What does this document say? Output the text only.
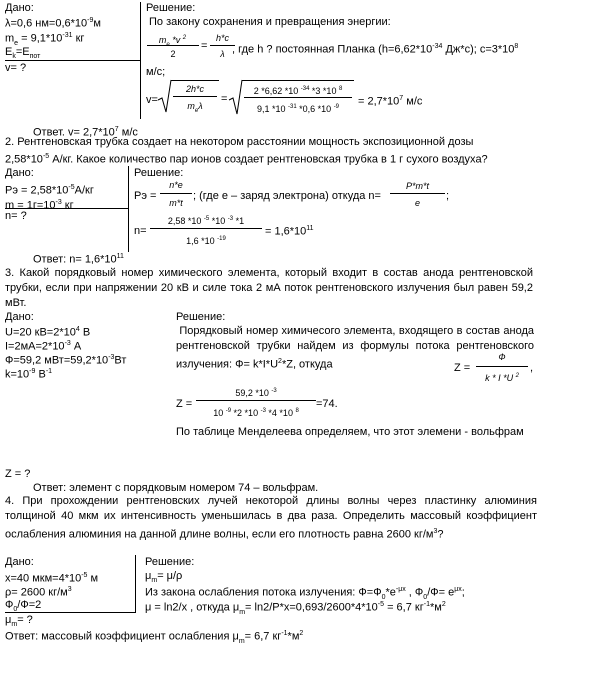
Дано:
λ=0,6 $нм=0,6*10^{-9}м$
$m_e = 9,1*10^{-31}$ кг
$E_k=E_{пот}$
v= ?
Решение:
По закону сохранения и превращения энергии:
$m_e$ *v $^2$
2
=
h*c
λ , где h ? постоянная Планка ($h=6,62*10^{-34}$ Дж*с); $с=3*10^8$
м/с;
v=
2h*c
$m_e\lambda$
=
2 *6,62 *10 $^{-34}$ *3 *10 $^8$
9,1 *10 $^{-31}$ *0,6 *10 $^{-9}$	= $2,7*10^7$ м/с
Ответ. $v= 2,7*10^7$ м/с
2. Рентгеновская трубка создает на некотором расстоянии мощность экспозиционной дозы
$2,58*10^{-5}$ А/кг. Какое количество пар ионов создает рентгеновская трубка в 1 г сухого воздуха?
Дано:
Pэ = $2,58*10^{-5}А/кг$
$m = 1г=10^{-3}$ кг
n= ?
Решение:
Pэ =
n*e
m*t
; (где e – заряд электрона) откуда n=
P*m*t
e
;
n=
2,58 *10 $^{-5}$ *10 $^{-3}$ *1
1,6 *10 $^{-19}$
= $1,6*10^{11}$
Ответ: $n= 1,6*10^{11}$
3. Какой порядковый номер химического элемента, который входит в состав анода рентгеновской трубки, если при напряжении 20 кВ и силе тока 2 мА поток рентгеновского излучения был равен 59,2 мВт.
Дано:
U=20 $кВ=2*10^4$ В
$I=2мА=2*10^{-3}$ А
Ф=59,2 $мВт=59,2*10^{-3}Вт$
$k=10^{-9}$ $В^{-1}$
Решение:
Порядковый номер химичесого элемента, входящего в состав анода рентгеновской трубки найдем из формулы потока рентгеновского излучения: $Ф= k*I*U^2*Z$, откуда	Z =
Ф
k * I *U $^2$
,
Z =
59,2 *10 $^{-3}$
10 $^{-9}$ *2 *10 $^{-3}$ *4 *10 $^8$
=74.
По таблице Менделеева определяем, что этот элемени - вольфрам
Z = ?
Ответ: элемент с порядковым номером 74 – вольфрам.
4. При прохождении рентгеновских лучей некоторой длины волны через пластинку алюминия толщиной 40 мкм их интенсивность уменьшилась в два раза. Определить массовый коэффициент ослабления алюминия на данной длине волны, если его плотность равна 2600 $кг/м^3$?
Дано:
x=40 $мкм=4*10^{-5}$ м
ρ= 2600 $кг/м^3$
$Ф_0/Ф=2$
$\mu_m=$ ?
Решение:
$\mu_m= \mu/\rho$
Из закона ослабления потока излучения: $Ф=Ф_0*e^{-\mu x}$ , $Ф_0/Ф= e^{\mu x}$;
μ = ln2/x , откуда $\mu_m= \ln 2/P*x=0,693/2600*4*10^{-5} = 6,7$ $кг^{-1}*м^2$
Ответ: массовый коэффициент ослабления $\mu_m= 6,7$ $кг^{-1}*м^2$
